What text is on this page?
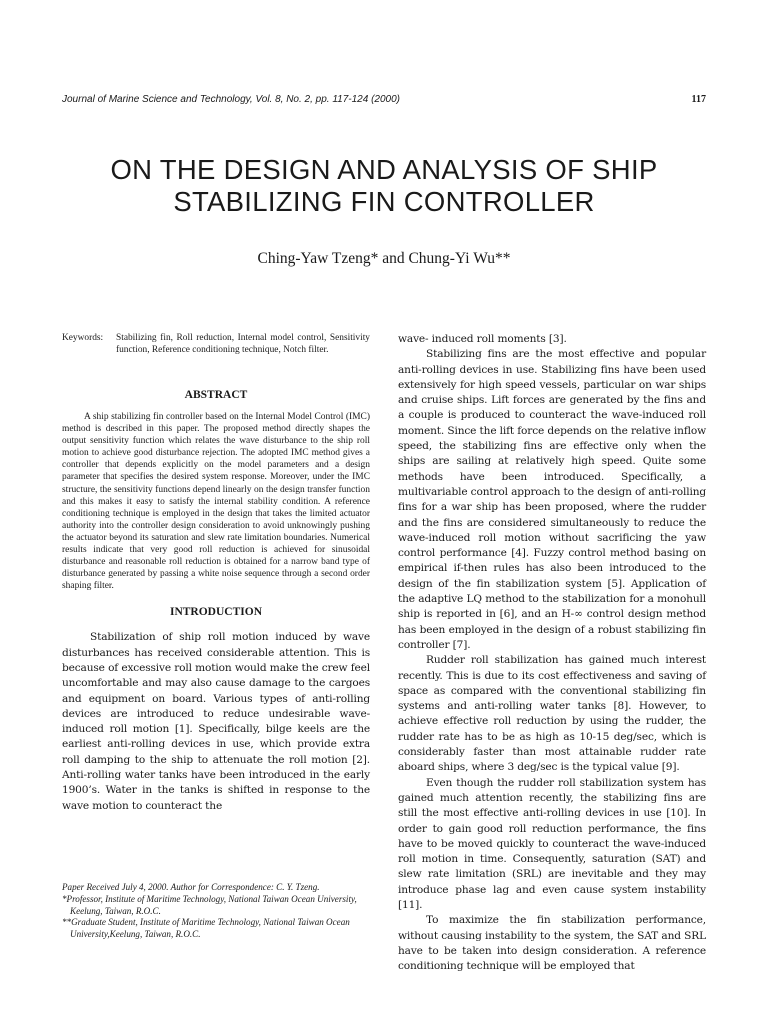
Journal of Marine Science and Technology, Vol. 8, No. 2, pp. 117-124 (2000)	117
ON THE DESIGN AND ANALYSIS OF SHIP
STABILIZING FIN CONTROLLER
Ching-Yaw Tzeng* and Chung-Yi Wu**
Keywords:	Stabilizing fin, Roll reduction, Internal model control, Sensitivity function, Reference conditioning technique, Notch filter.
ABSTRACT

A ship stabilizing fin controller based on the Internal Model Control (IMC) method is described in this paper. The proposed method directly shapes the output sensitivity function which relates the wave disturbance to the ship roll motion to achieve good disturbance rejection. The adopted IMC method gives a controller that depends explicitly on the model parameters and a design parameter that specifies the desired system response. Moreover, under the IMC structure, the sensitivity functions depend linearly on the design transfer function and this makes it easy to satisfy the internal stability condition. A reference conditioning technique is employed in the design that takes the limited actuator authority into the controller design consideration to avoid unknowingly pushing the actuator beyond its saturation and slew rate limitation boundaries. Numerical results indicate that very good roll reduction is achieved for sinusoidal disturbance and reasonable roll reduction is obtained for a narrow band type of disturbance generated by passing a white noise sequence through a second order shaping filter.

INTRODUCTION

Stabilization of ship roll motion induced by wave disturbances has received considerable attention. This is because of excessive roll motion would make the crew feel uncomfortable and may also cause damage to the cargoes and equipment on board. Various types of anti-rolling devices are introduced to reduce undesirable wave-induced roll motion [1]. Specifically, bilge keels are the earliest anti-rolling devices in use, which provide extra roll damping to the ship to attenuate the roll motion [2]. Anti-rolling water tanks have been introduced in the early 1900’s. Water in the tanks is shifted in response to the wave motion to counteract the

wave- induced roll moments [3].

Stabilizing fins are the most effective and popular anti-rolling devices in use. Stabilizing fins have been used extensively for high speed vessels, particular on war ships and cruise ships. Lift forces are generated by the fins and a couple is produced to counteract the wave-induced roll moment. Since the lift force depends on the relative inflow speed, the stabilizing fins are effective only when the ships are sailing at relatively high speed. Quite some methods have been introduced. Specifically, a multivariable control approach to the design of anti-rolling fins for a war ship has been proposed, where the rudder and the fins are considered simultaneously to reduce the wave-induced roll motion without sacrificing the yaw control performance [4]. Fuzzy control method basing on empirical if-then rules has also been introduced to the design of the fin stabilization system [5]. Application of the adaptive LQ method to the stabilization for a monohull ship is reported in [6], and an H-∞ control design method has been employed in the design of a robust stabilizing fin controller [7].

Rudder roll stabilization has gained much interest recently. This is due to its cost effectiveness and saving of space as compared with the conventional stabilizing fin systems and anti-rolling water tanks [8]. However, to achieve effective roll reduction by using the rudder, the rudder rate has to be as high as 10-15 deg/sec, which is considerably faster than most attainable rudder rate aboard ships, where 3 deg/sec is the typical value [9].

Even though the rudder roll stabilization system has gained much attention recently, the stabilizing fins are still the most effective anti-rolling devices in use [10]. In order to gain good roll reduction performance, the fins have to be moved quickly to counteract the wave-induced roll motion in time. Consequently, saturation (SAT) and slew rate limitation (SRL) are inevitable and they may introduce phase lag and even cause system instability [11].

To maximize the fin stabilization performance, without causing instability to the system, the SAT and SRL have to be taken into design consideration. A reference conditioning technique will be employed that

Paper Received July 4, 2000. Author for Correspondence: C. Y. Tzeng.

*Professor, Institute of Maritime Technology, National Taiwan Ocean University, Keelung, Taiwan, R.O.C.

**Graduate Student, Institute of Maritime Technology, National Taiwan Ocean University,Keelung, Taiwan, R.O.C.
